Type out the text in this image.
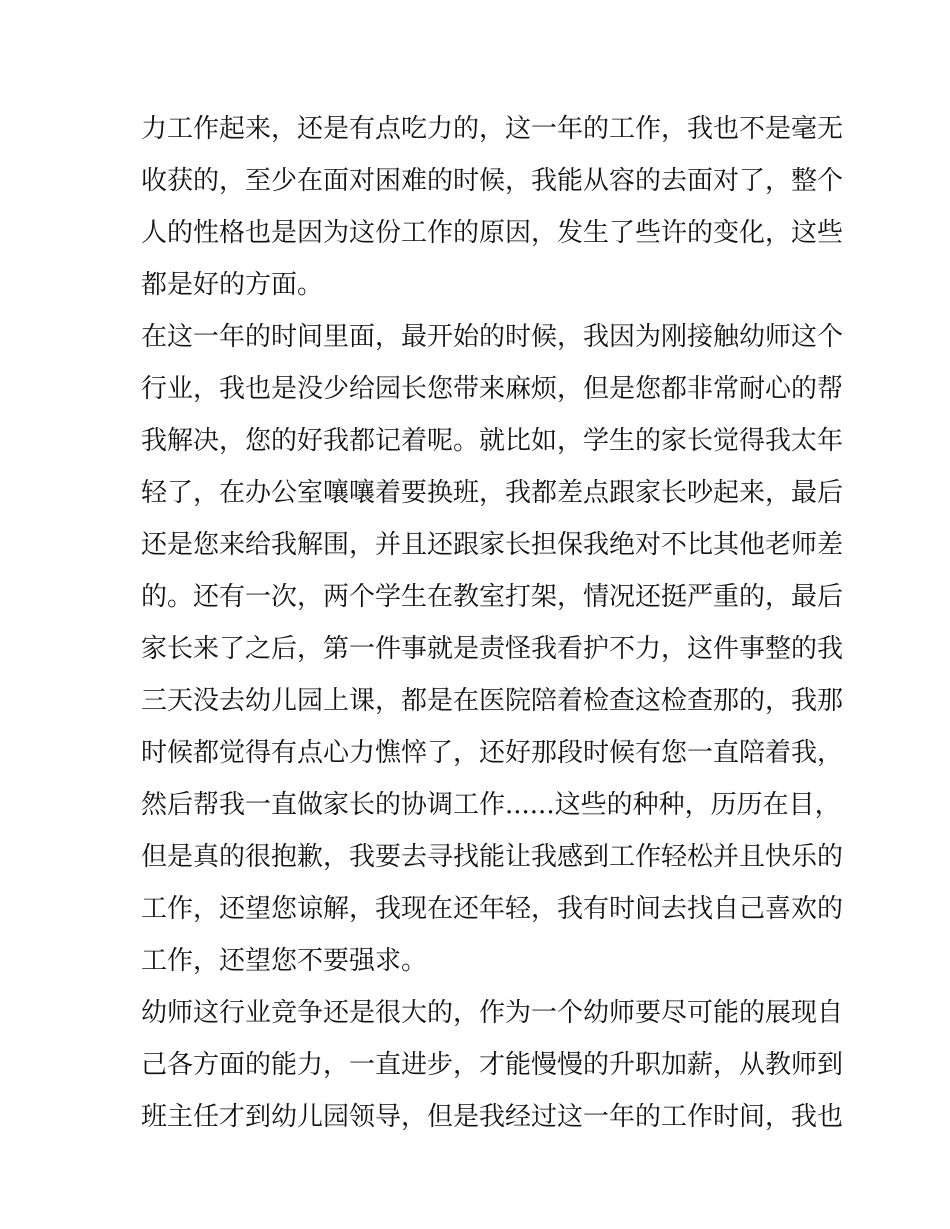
力工作起来，还是有点吃力的，这一年的工作，我也不是毫无
收获的，至少在面对困难的时候，我能从容的去面对了，整个
人的性格也是因为这份工作的原因，发生了些许的变化，这些
都是好的方面。
在这一年的时间里面，最开始的时候，我因为刚接触幼师这个
行业，我也是没少给园长您带来麻烦，但是您都非常耐心的帮
我解决，您的好我都记着呢。就比如，学生的家长觉得我太年
轻了，在办公室嚷嚷着要换班，我都差点跟家长吵起来，最后
还是您来给我解围，并且还跟家长担保我绝对不比其他老师差
的。还有一次，两个学生在教室打架，情况还挺严重的，最后
家长来了之后，第一件事就是责怪我看护不力，这件事整的我
三天没去幼儿园上课，都是在医院陪着检查这检查那的，我那
时候都觉得有点心力憔悴了，还好那段时候有您一直陪着我，
然后帮我一直做家长的协调工作......这些的种种，历历在目，
但是真的很抱歉，我要去寻找能让我感到工作轻松并且快乐的
工作，还望您谅解，我现在还年轻，我有时间去找自己喜欢的
工作，还望您不要强求。
幼师这行业竞争还是很大的，作为一个幼师要尽可能的展现自
己各方面的能力，一直进步，才能慢慢的升职加薪，从教师到
班主任才到幼儿园领导，但是我经过这一年的工作时间，我也
